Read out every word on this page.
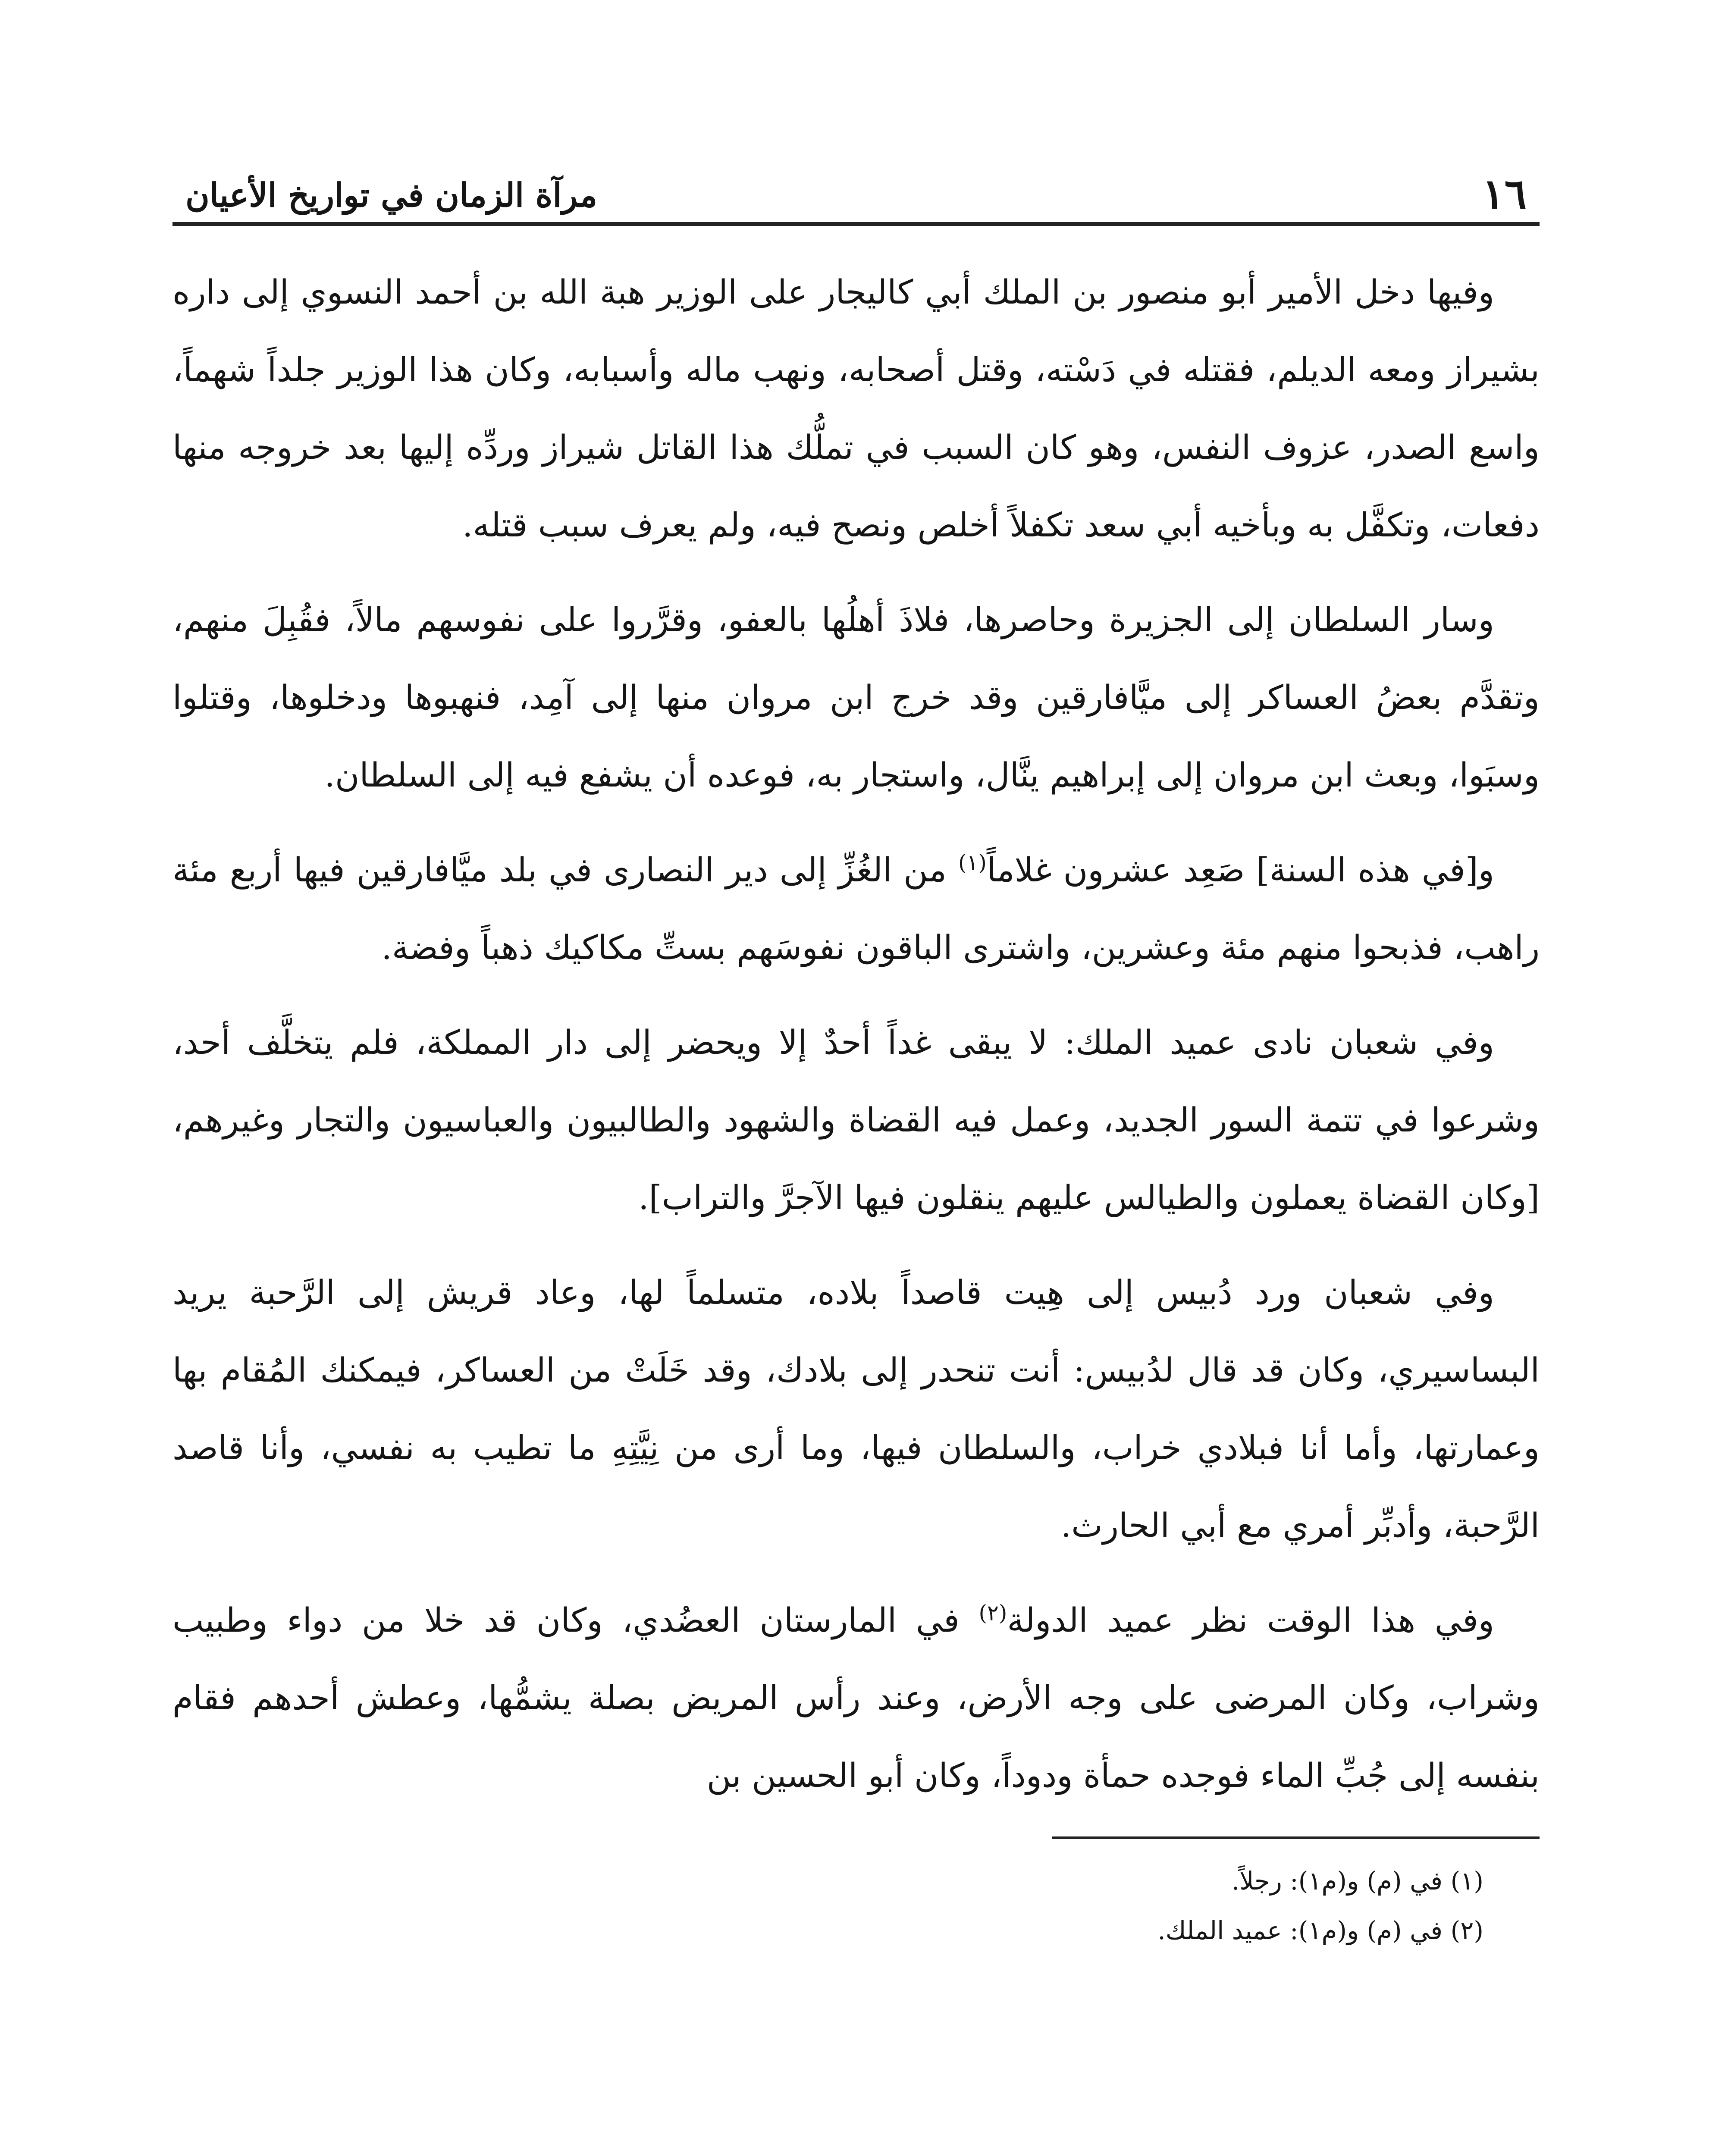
١٦
مرآة الزمان في تواريخ الأعيان

وفيها دخل الأمير أبو منصور بن الملك أبي كاليجار على الوزير هبة الله بن أحمد النسوي إلى داره بشيراز ومعه الديلم، فقتله في دَسْته، وقتل أصحابه، ونهب ماله وأسبابه، وكان هذا الوزير جلداً شهماً، واسع الصدر، عزوف النفس، وهو كان السبب في تملُّك هذا القاتل شيراز وردِّه إليها بعد خروجه منها دفعات، وتكفَّل به وبأخيه أبي سعد تكفلاً أخلص ونصح فيه، ولم يعرف سبب قتله.

وسار السلطان إلى الجزيرة وحاصرها، فلاذَ أهلُها بالعفو، وقرَّروا على نفوسهم مالاً، فقُبِلَ منهم، وتقدَّم بعضُ العساكر إلى ميَّافارقين وقد خرج ابن مروان منها إلى آمِد، فنهبوها ودخلوها، وقتلوا وسبَوا، وبعث ابن مروان إلى إبراهيم ينَّال، واستجار به، فوعده أن يشفع فيه إلى السلطان.

و[في هذه السنة] صَعِد عشرون غلاماً$^{(١)}$ من الغُزِّ إلى دير النصارى في بلد ميَّافارقين فيها أربع مئة راهب، فذبحوا منهم مئة وعشرين، واشترى الباقون نفوسَهم بستِّ مكاكيك ذهباً وفضة.

وفي شعبان نادى عميد الملك: لا يبقى غداً أحدٌ إلا ويحضر إلى دار المملكة، فلم يتخلَّف أحد، وشرعوا في تتمة السور الجديد، وعمل فيه القضاة والشهود والطالبيون والعباسيون والتجار وغيرهم، [وكان القضاة يعملون والطيالس عليهم ينقلون فيها الآجرَّ والتراب].

وفي شعبان ورد دُبيس إلى هِيت قاصداً بلاده، متسلماً لها، وعاد قريش إلى الرَّحبة يريد البساسيري، وكان قد قال لدُبيس: أنت تنحدر إلى بلادك، وقد خَلَتْ من العساكر، فيمكنك المُقام بها وعمارتها، وأما أنا فبلادي خراب، والسلطان فيها، وما أرى من نِيَّتِهِ ما تطيب به نفسي، وأنا قاصد الرَّحبة، وأدبِّر أمري مع أبي الحارث.

وفي هذا الوقت نظر عميد الدولة$^{(٢)}$ في المارستان العضُدي، وكان قد خلا من دواء وطبيب وشراب، وكان المرضى على وجه الأرض، وعند رأس المريض بصلة يشمُّها، وعطش أحدهم فقام بنفسه إلى جُبِّ الماء فوجده حمأة ودوداً، وكان أبو الحسين بن

(١) في (م) و(م١): رجلاً.
(٢) في (م) و(م١): عميد الملك.
